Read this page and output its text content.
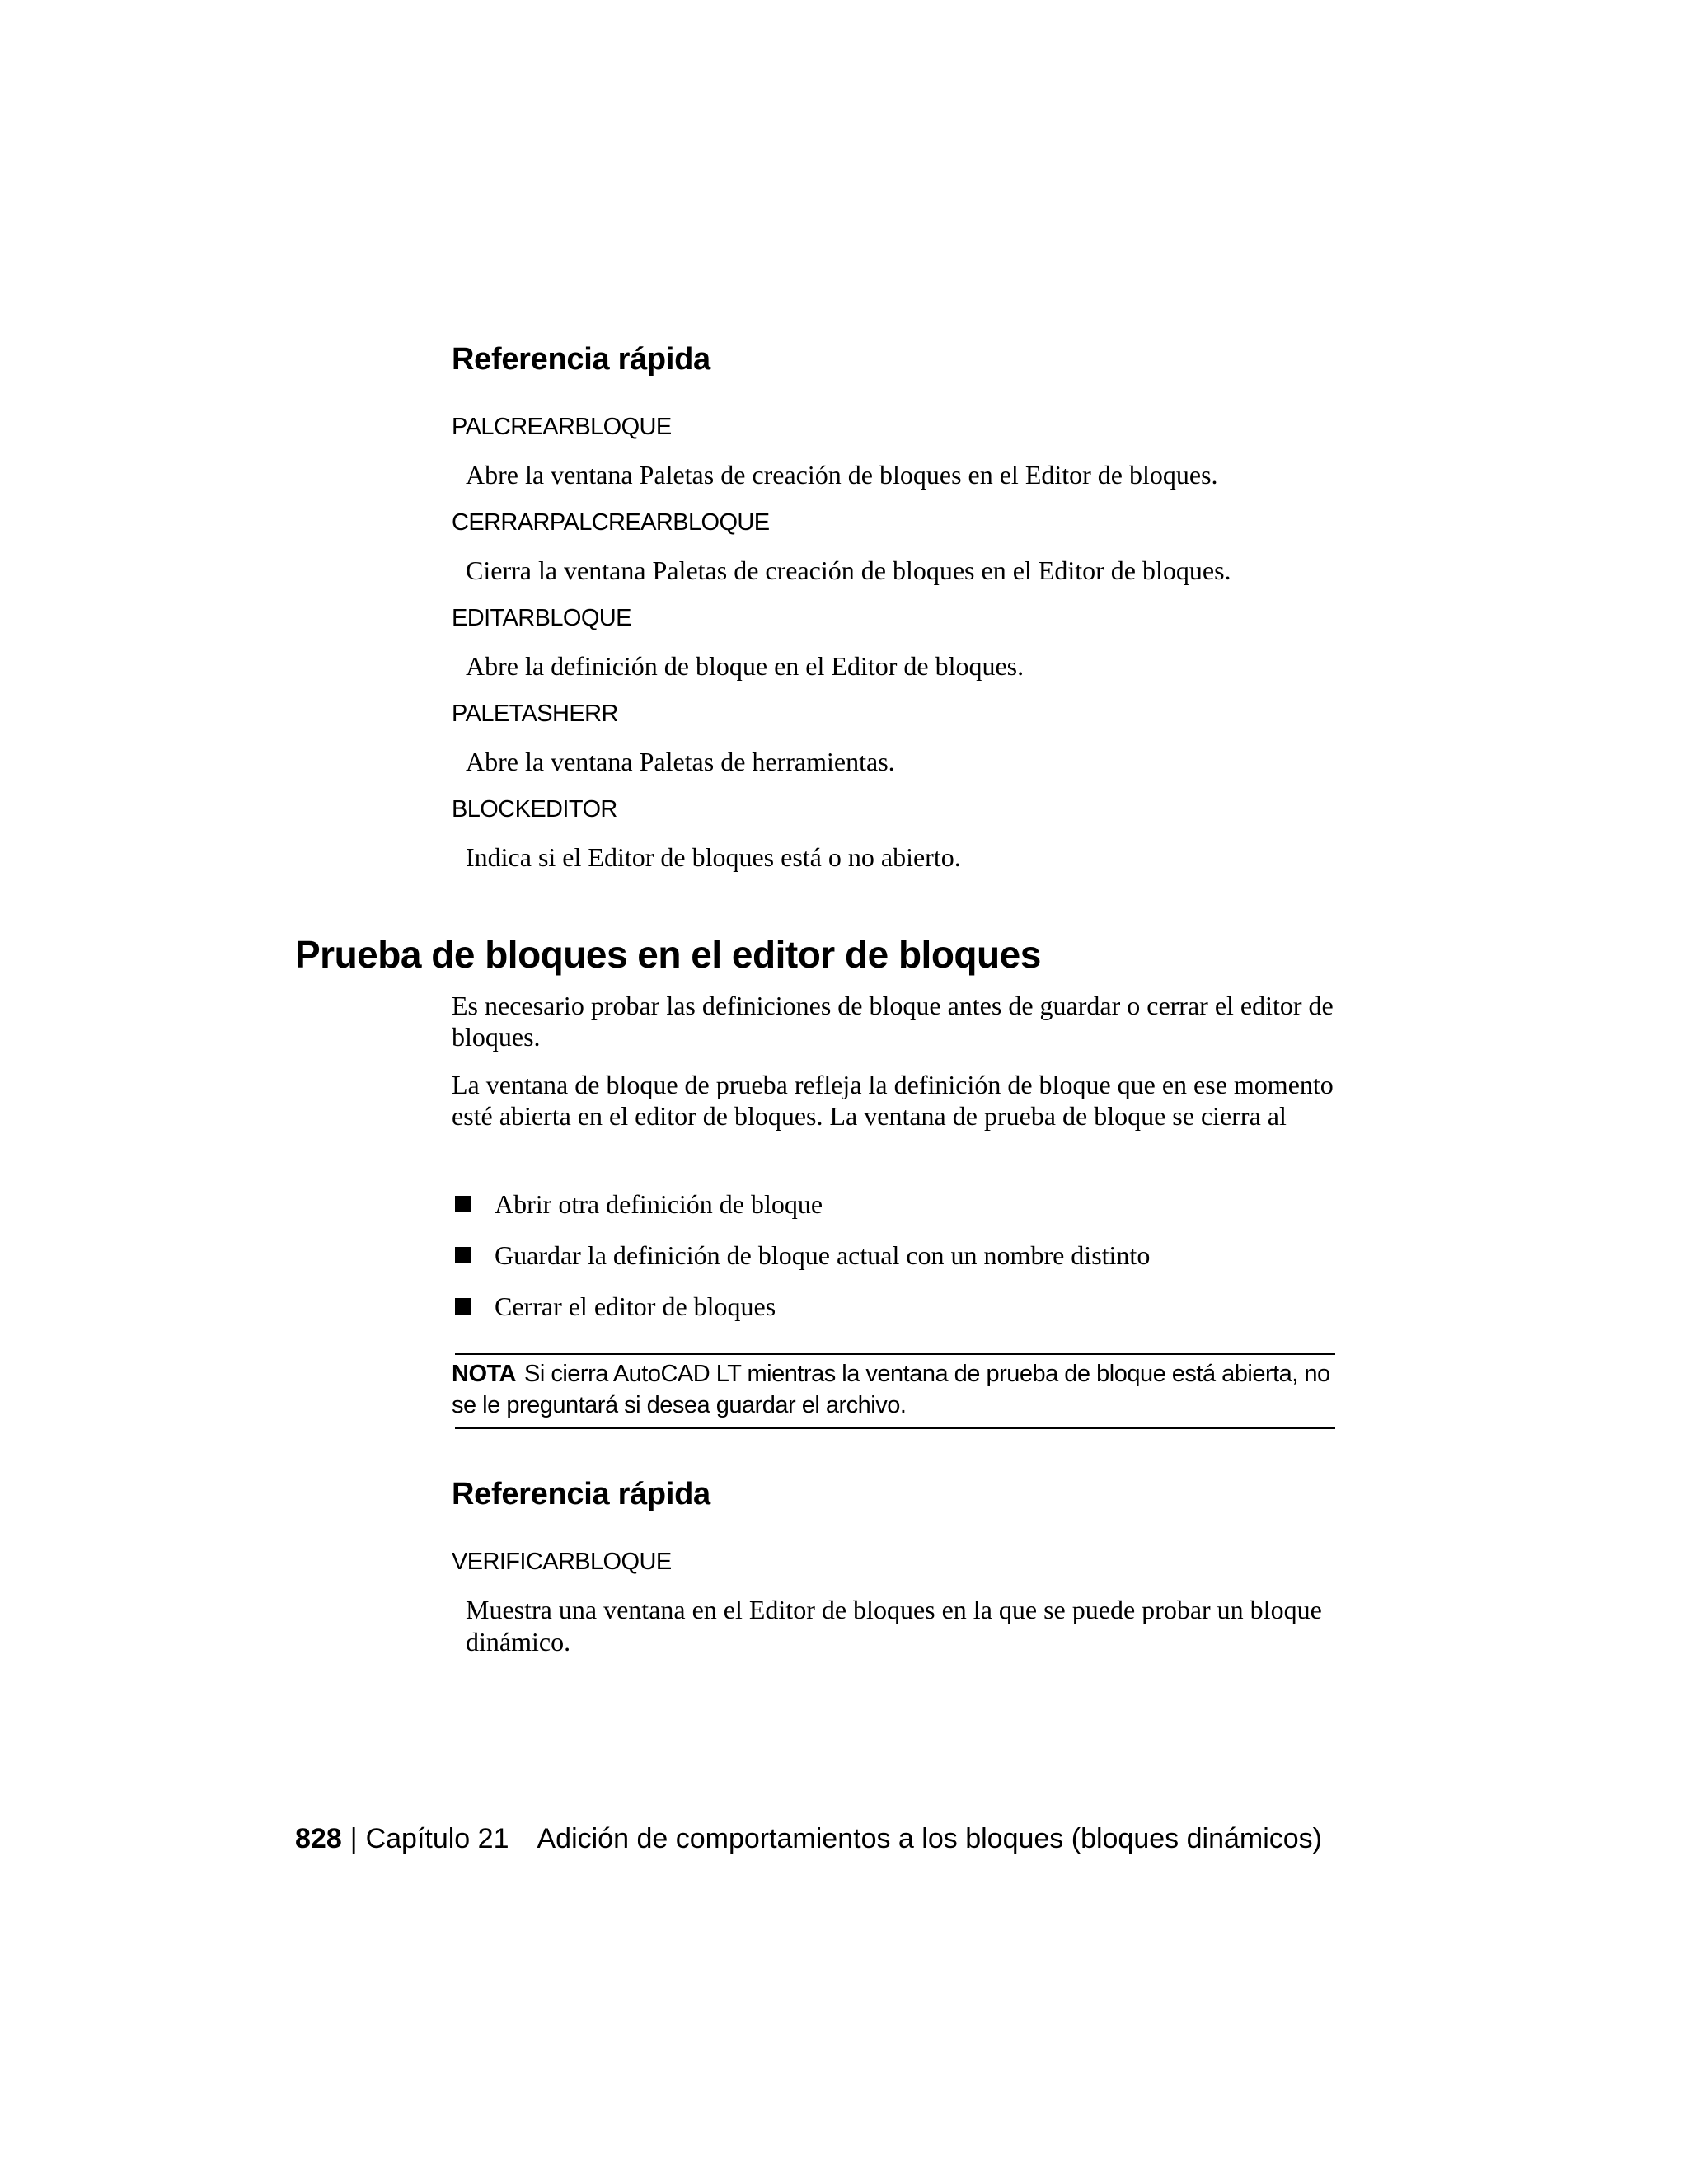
Referencia rápida
PALCREARBLOQUE
Abre la ventana Paletas de creación de bloques en el Editor de bloques.
CERRARPALCREARBLOQUE
Cierra la ventana Paletas de creación de bloques en el Editor de bloques.
EDITARBLOQUE
Abre la definición de bloque en el Editor de bloques.
PALETASHERR
Abre la ventana Paletas de herramientas.
BLOCKEDITOR
Indica si el Editor de bloques está o no abierto.
Prueba de bloques en el editor de bloques

Es necesario probar las definiciones de bloque antes de guardar o cerrar el editor de bloques.

La ventana de bloque de prueba refleja la definición de bloque que en ese momento esté abierta en el editor de bloques. La ventana de prueba de bloque se cierra al

Abrir otra definición de bloque
Guardar la definición de bloque actual con un nombre distinto
Cerrar el editor de bloques
NOTA Si cierra AutoCAD LT mientras la ventana de prueba de bloque está abierta, no se le preguntará si desea guardar el archivo.
Referencia rápida
VERIFICARBLOQUE
Muestra una ventana en el Editor de bloques en la que se puede probar un bloque dinámico.
828 | Capítulo 21 Adición de comportamientos a los bloques (bloques dinámicos)
